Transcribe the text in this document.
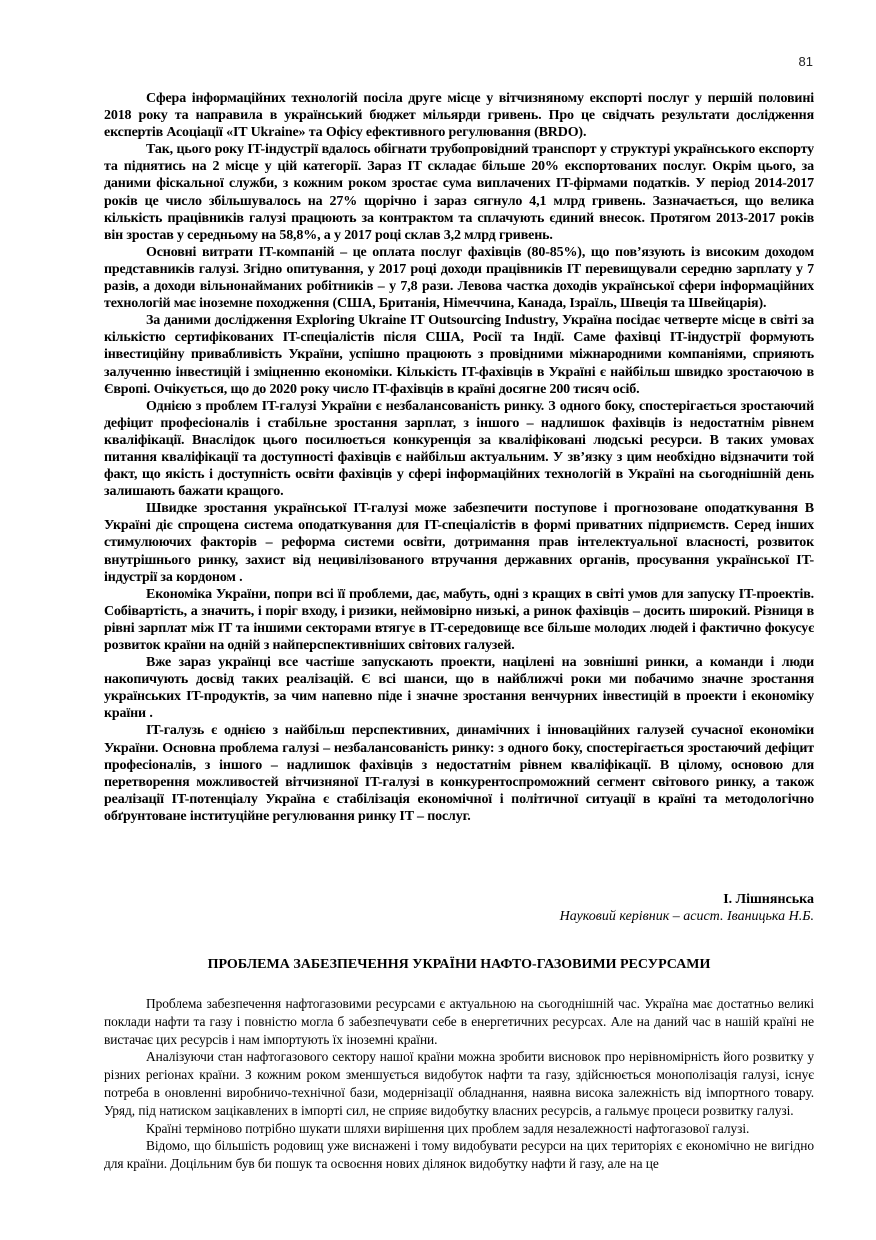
81

Сфера інформаційних технологій посіла друге місце у вітчизняному експорті послуг у першій половині 2018 року та направила в український бюджет мільярди гривень. Про це свідчать результати дослідження експертів Асоціації «IT Ukraine» та Офісу ефективного регулювання (BRDO).

Так, цього року IT-індустрії вдалось обігнати трубопровідний транспорт у структурі українського експорту та піднятись на 2 місце у цій категорії. Зараз IT складає більше 20% експортованих послуг. Окрім цього, за даними фіскальної служби, з кожним роком зростає сума виплачених IT-фірмами податків. У період 2014-2017 років це число збільшувалось на 27% щорічно і зараз сягнуло 4,1 млрд гривень. Зазначається, що велика кількість працівників галузі працюють за контрактом та сплачують єдиний внесок. Протягом 2013-2017 років він зростав у середньому на 58,8%, а у 2017 році склав 3,2 млрд гривень.

Основні витрати IT-компаній – це оплата послуг фахівців (80-85%), що пов’язують із високим доходом представників галузі. Згідно опитування, у 2017 році доходи працівників IT перевищували середню зарплату у 7 разів, а доходи вільнонайманих робітників – у 7,8 рази. Левова частка доходів української сфери інформаційних технологій має іноземне походження (США, Британія, Німеччина, Канада, Ізраїль, Швеція та Швейцарія).

За даними дослідження Exploring Ukraine IT Outsourcing Industry, Україна посідає четверте місце в світі за кількістю сертифікованих IT-спеціалістів після США, Росії та Індії. Саме фахівці IT-індустрії формують інвестиційну привабливість України, успішно працюють з провідними міжнародними компаніями, сприяють залученню інвестицій і зміцненню економіки. Кількість IT-фахівців в Україні є найбільш швидко зростаючою в Європі. Очікується, що до 2020 року число IT-фахівців в країні досягне 200 тисяч осіб.

Однією з проблем IT-галузі України є незбалансованість ринку. З одного боку, спостерігається зростаючий дефіцит професіоналів і стабільне зростання зарплат, з іншого – надлишок фахівців із недостатнім рівнем кваліфікації. Внаслідок цього посилюється конкуренція за кваліфіковані людські ресурси. В таких умовах питання кваліфікації та доступності фахівців є найбільш актуальним. У зв’язку з цим необхідно відзначити той факт, що якість і доступність освіти фахівців у сфері інформаційних технологій в Україні на сьогоднішній день залишають бажати кращого.

Швидке зростання української IT-галузі може забезпечити поступове і прогнозоване оподаткування В Україні діє спрощена система оподаткування для IT-спеціалістів в формі приватних підприємств. Серед інших стимулюючих факторів – реформа системи освіти, дотримання прав інтелектуальної власності, розвиток внутрішнього ринку, захист від нецивілізованого втручання державних органів, просування української IT-індустрії за кордоном .

Економіка України, попри всі її проблеми, дає, мабуть, одні з кращих в світі умов для запуску IT-проектів. Собівартість, а значить, і поріг входу, і ризики, неймовірно низькі, а ринок фахівців – досить широкий. Різниця в рівні зарплат між IT та іншими секторами втягує в IT-середовище все більше молодих людей і фактично фокусує розвиток країни на одній з найперспективніших світових галузей.

Вже зараз українці все частіше запускають проекти, націлені на зовнішні ринки, а команди і люди накопичують досвід таких реалізацій. Є всі шанси, що в найближчі роки ми побачимо значне зростання українських IT-продуктів, за чим напевно піде і значне зростання венчурних інвестицій в проекти і економіку країни .

IT-галузь є однією з найбільш перспективних, динамічних і інноваційних галузей сучасної економіки України. Основна проблема галузі – незбалансованість ринку: з одного боку, спостерігається зростаючий дефіцит професіоналів, з іншого – надлишок фахівців з недостатнім рівнем кваліфікації. В цілому, основою для перетворення можливостей вітчизняної IT-галузі в конкурентоспроможний сегмент світового ринку, а також реалізації IT-потенціалу Україна є стабілізація економічної і політичної ситуації в країні та методологічно обґрунтоване інституційне регулювання ринку IT – послуг.

І. Лішнянська

Науковий керівник – асист. Іваницька Н.Б.

ПРОБЛЕМА ЗАБЕЗПЕЧЕННЯ УКРАЇНИ НАФТО-ГАЗОВИМИ РЕСУРСАМИ

Проблема забезпечення нафтогазовими ресурсами є актуальною на сьогоднішній час. Україна має достатньо великі поклади нафти та газу і повністю могла б забезпечувати себе в енергетичних ресурсах. Але на даний час в нашій країні не вистачає цих ресурсів і нам імпортують їх іноземні країни.

Аналізуючи стан нафтогазового сектору нашої країни можна зробити висновок про нерівномірність його розвитку у різних регіонах країни. З кожним роком зменшується видобуток нафти та газу, здійснюється монополізація галузі, існує потреба в оновленні виробничо-технічної бази, модернізації обладнання, наявна висока залежність від імпортного товару. Уряд, під натиском зацікавлених в імпорті сил, не сприяє видобутку власних ресурсів, а гальмує процеси розвитку галузі.

Країні терміново потрібно шукати шляхи вирішення цих проблем задля незалежності нафтогазової галузі.

Відомо, що більшість родовищ уже виснажені і тому видобувати ресурси на цих територіях є економічно не вигідно для країни. Доцільним був би пошук та освоєння нових ділянок видобутку нафти й газу, але на це
